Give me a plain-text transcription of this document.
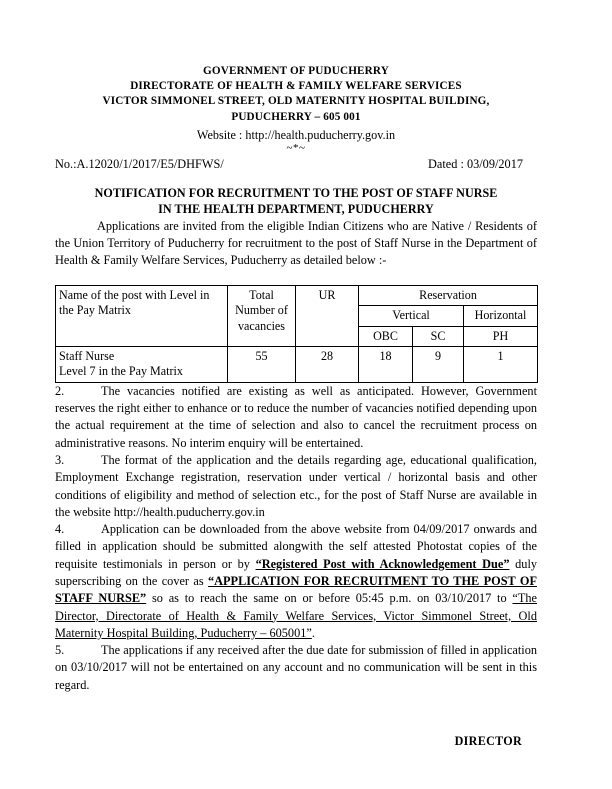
GOVERNMENT OF PUDUCHERRY
DIRECTORATE OF HEALTH & FAMILY WELFARE SERVICES
VICTOR SIMMONEL STREET, OLD MATERNITY HOSPITAL BUILDING,
PUDUCHERRY – 605 001
Website : http://health.puducherry.gov.in
~*~
No.:A.12020/1/2017/E5/DHFWS/	Dated : 03/09/2017
NOTIFICATION FOR RECRUITMENT TO THE POST OF STAFF NURSE
IN THE HEALTH DEPARTMENT, PUDUCHERRY

Applications are invited from the eligible Indian Citizens who are Native / Residents of the Union Territory of Puducherry for recruitment to the post of Staff Nurse in the Department of Health & Family Welfare Services, Puducherry as detailed below :-

Name of the post with Level in the Pay Matrix	Total Number of vacancies	UR	Reservation		
			Vertical		Horizontal
			OBC	SC	PH

Staff Nurse
Level 7 in the Pay Matrix	55	28	18	9	1

2.	The vacancies notified are existing as well as anticipated. However, Government reserves the right either to enhance or to reduce the number of vacancies notified depending upon the actual requirement at the time of selection and also to cancel the recruitment process on administrative reasons. No interim enquiry will be entertained.

3.	The format of the application and the details regarding age, educational qualification, Employment Exchange registration, reservation under vertical / horizontal basis and other conditions of eligibility and method of selection etc., for the post of Staff Nurse are available in the website http://health.puducherry.gov.in

4.	Application can be downloaded from the above website from 04/09/2017 onwards and filled in application should be submitted alongwith the self attested Photostat copies of the requisite testimonials in person or by “Registered Post with Acknowledgement Due” duly superscribing on the cover as “APPLICATION FOR RECRUITMENT TO THE POST OF STAFF NURSE” so as to reach the same on or before 05:45 p.m. on 03/10/2017 to “The Director, Directorate of Health & Family Welfare Services, Victor Simmonel Street, Old Maternity Hospital Building, Puducherry – 605001”.

5.	The applications if any received after the due date for submission of filled in application on 03/10/2017 will not be entertained on any account and no communication will be sent in this regard.

DIRECTOR
